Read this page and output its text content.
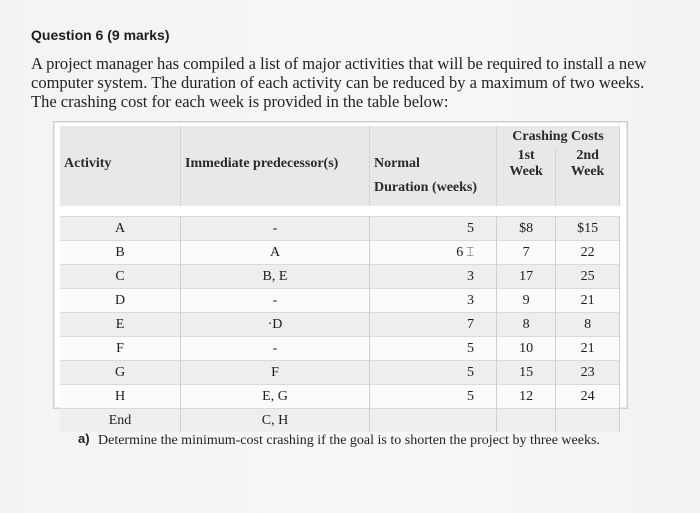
Question 6 (9 marks)
A project manager has compiled a list of major activities that will be required to install a new computer system. The duration of each activity can be reduced by a maximum of two weeks. The crashing cost for each week is provided in the table below:
			Crashing Costs	
Activity	Immediate predecessor(s)	Normal	1st Week	2nd Week
		Duration (weeks)		

A	-	5	$8	$15
B	A	6 ⌶	7	22
C	B, E	3	17	25
D	-	3	9	21
E	·D	7	8	8
F	-	5	10	21
G	F	5	15	23
H	E, G	5	12	24
End	C, H			
a) Determine the minimum-cost crashing if the goal is to shorten the project by three weeks.
